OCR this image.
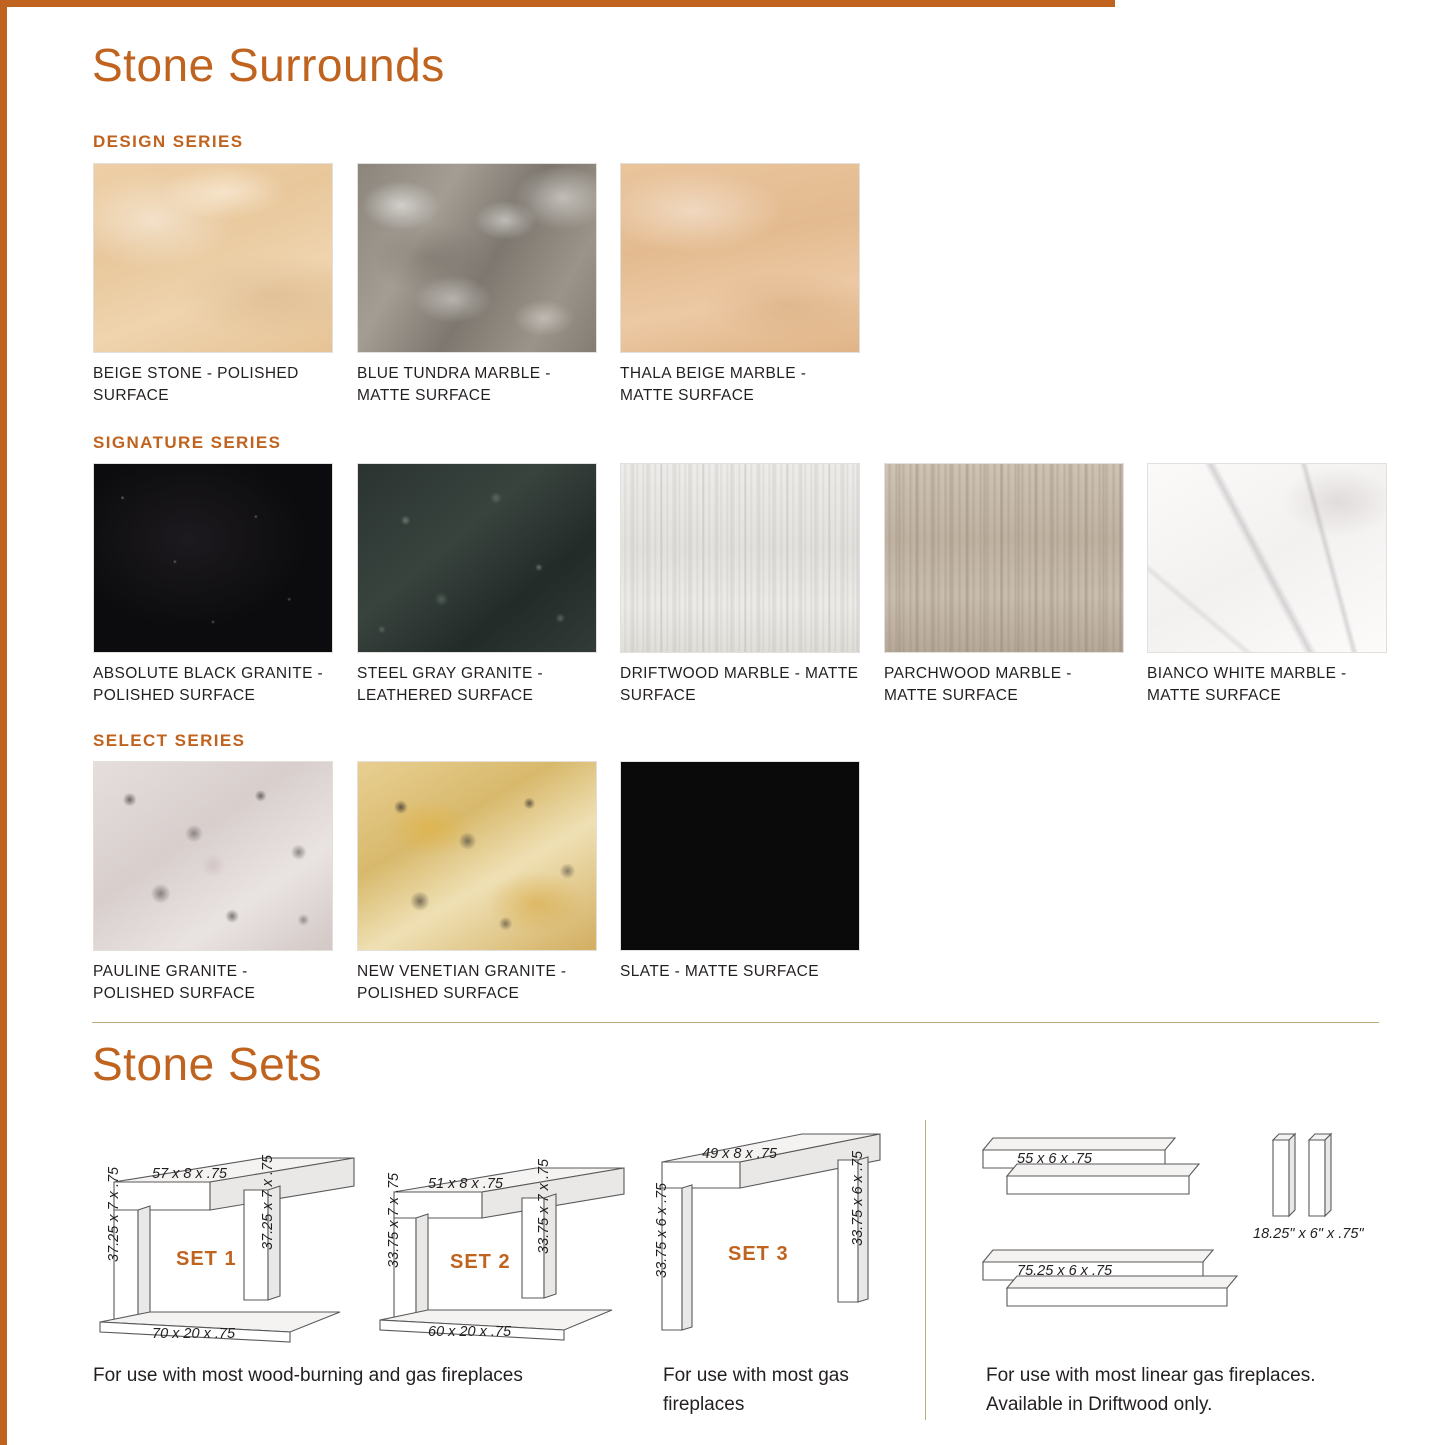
Stone Surrounds
DESIGN SERIES
BEIGE STONE - POLISHED SURFACE
BLUE TUNDRA MARBLE - MATTE SURFACE
THALA BEIGE MARBLE - MATTE SURFACE
SIGNATURE SERIES
ABSOLUTE BLACK GRANITE - POLISHED SURFACE
STEEL GRAY GRANITE - LEATHERED SURFACE
DRIFTWOOD MARBLE - MATTE SURFACE
PARCHWOOD MARBLE - MATTE SURFACE
BIANCO WHITE MARBLE - MATTE SURFACE
SELECT SERIES
PAULINE GRANITE - POLISHED SURFACE
NEW VENETIAN GRANITE - POLISHED SURFACE
SLATE - MATTE SURFACE
Stone Sets
57 x 8 x .75
37.25 x 7 x .75	37.25 x 7 x .75
70 x 20 x .75
SET 1
51 x 8 x .75
33.75 x 7 x .75	33.75 x 7 x .75
60 x 20 x .75
SET 2
49 x 8 x .75
33.75 x 6 x .75	33.75 x 6 x .75
SET 3
55 x 6 x .75
75.25 x 6 x .75
18.25" x 6" x .75"
For use with most wood-burning and gas fireplaces	For use with most gas fireplaces
For use with most linear gas fireplaces. Available in Driftwood only.
